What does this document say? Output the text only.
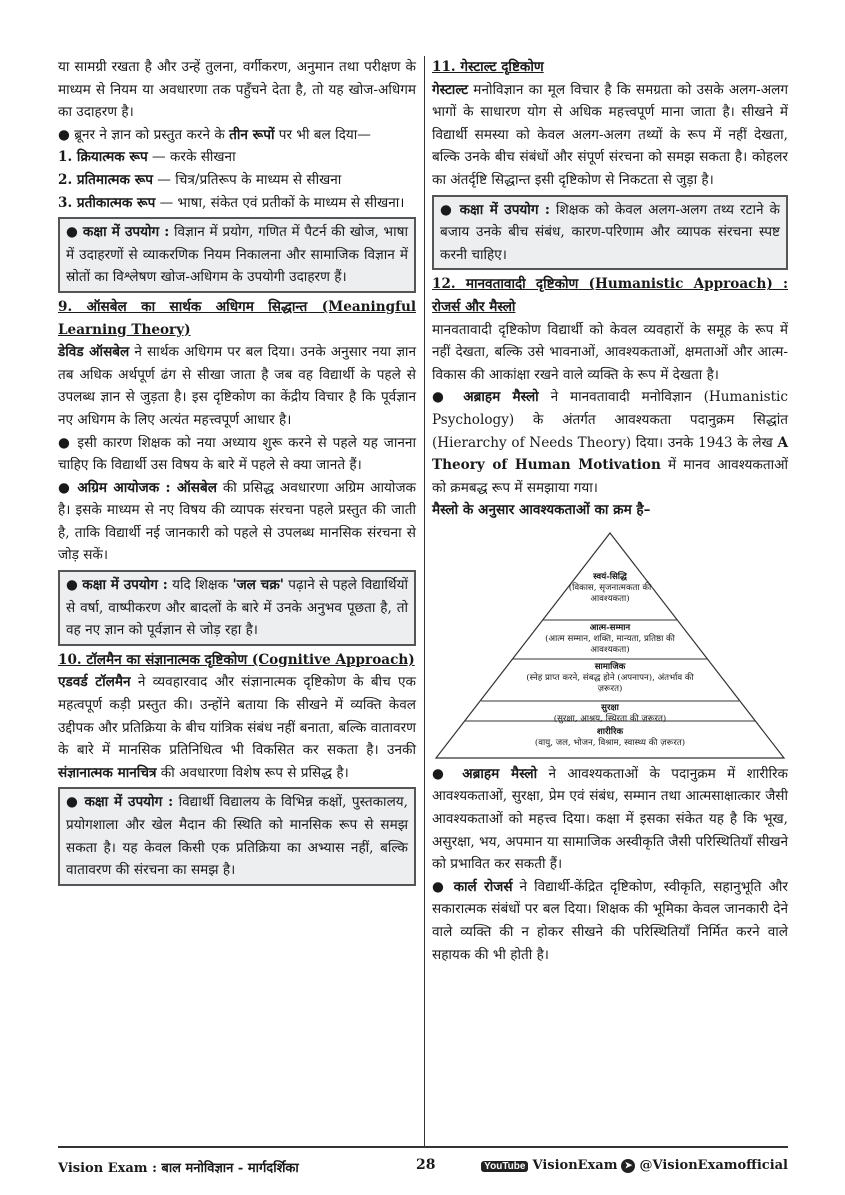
या सामग्री रखता है और उन्हें तुलना, वर्गीकरण, अनुमान तथा परीक्षण के माध्यम से नियम या अवधारणा तक पहुँचने देता है, तो यह खोज-अधिगम का उदाहरण है।

● ब्रूनर ने ज्ञान को प्रस्तुत करने के तीन रूपों पर भी बल दिया—

1. क्रियात्मक रूप — करके सीखना

2. प्रतिमात्मक रूप — चित्र/प्रतिरूप के माध्यम से सीखना

3. प्रतीकात्मक रूप — भाषा, संकेत एवं प्रतीकों के माध्यम से सीखना।

● कक्षा में उपयोग : विज्ञान में प्रयोग, गणित में पैटर्न की खोज, भाषा में उदाहरणों से व्याकरणिक नियम निकालना और सामाजिक विज्ञान में स्रोतों का विश्लेषण खोज-अधिगम के उपयोगी उदाहरण हैं।

9. ऑसबेल का सार्थक अधिगम सिद्धान्त (Meaningful Learning Theory)

डेविड ऑसबेल ने सार्थक अधिगम पर बल दिया। उनके अनुसार नया ज्ञान तब अधिक अर्थपूर्ण ढंग से सीखा जाता है जब वह विद्यार्थी के पहले से उपलब्ध ज्ञान से जुड़ता है। इस दृष्टिकोण का केंद्रीय विचार है कि पूर्वज्ञान नए अधिगम के लिए अत्यंत महत्त्वपूर्ण आधार है।

● इसी कारण शिक्षक को नया अध्याय शुरू करने से पहले यह जानना चाहिए कि विद्यार्थी उस विषय के बारे में पहले से क्या जानते हैं।

● अग्रिम आयोजक : ऑसबेल की प्रसिद्ध अवधारणा अग्रिम आयोजक है। इसके माध्यम से नए विषय की व्यापक संरचना पहले प्रस्तुत की जाती है, ताकि विद्यार्थी नई जानकारी को पहले से उपलब्ध मानसिक संरचना से जोड़ सकें।

● कक्षा में उपयोग : यदि शिक्षक 'जल चक्र' पढ़ाने से पहले विद्यार्थियों से वर्षा, वाष्पीकरण और बादलों के बारे में उनके अनुभव पूछता है, तो वह नए ज्ञान को पूर्वज्ञान से जोड़ रहा है।

10. टॉलमैन का संज्ञानात्मक दृष्टिकोण (Cognitive Approach)

एडवर्ड टॉलमैन ने व्यवहारवाद और संज्ञानात्मक दृष्टिकोण के बीच एक महत्वपूर्ण कड़ी प्रस्तुत की। उन्होंने बताया कि सीखने में व्यक्ति केवल उद्दीपक और प्रतिक्रिया के बीच यांत्रिक संबंध नहीं बनाता, बल्कि वातावरण के बारे में मानसिक प्रतिनिधित्व भी विकसित कर सकता है। उनकी संज्ञानात्मक मानचित्र की अवधारणा विशेष रूप से प्रसिद्ध है।

● कक्षा में उपयोग : विद्यार्थी विद्यालय के विभिन्न कक्षों, पुस्तकालय, प्रयोगशाला और खेल मैदान की स्थिति को मानसिक रूप से समझ सकता है। यह केवल किसी एक प्रतिक्रिया का अभ्यास नहीं, बल्कि वातावरण की संरचना का समझ है।

11. गेस्टाल्ट दृष्टिकोण

गेस्टाल्ट मनोविज्ञान का मूल विचार है कि समग्रता को उसके अलग-अलग भागों के साधारण योग से अधिक महत्त्वपूर्ण माना जाता है। सीखने में विद्यार्थी समस्या को केवल अलग-अलग तथ्यों के रूप में नहीं देखता, बल्कि उनके बीच संबंधों और संपूर्ण संरचना को समझ सकता है। कोहलर का अंतर्दृष्टि सिद्धान्त इसी दृष्टिकोण से निकटता से जुड़ा है।

● कक्षा में उपयोग : शिक्षक को केवल अलग-अलग तथ्य रटाने के बजाय उनके बीच संबंध, कारण-परिणाम और व्यापक संरचना स्पष्ट करनी चाहिए।

12. मानवतावादी दृष्टिकोण (Humanistic Approach) : रोजर्स और मैस्लो

मानवतावादी दृष्टिकोण विद्यार्थी को केवल व्यवहारों के समूह के रूप में नहीं देखता, बल्कि उसे भावनाओं, आवश्यकताओं, क्षमताओं और आत्म-विकास की आकांक्षा रखने वाले व्यक्ति के रूप में देखता है।

● अब्राहम मैस्लो ने मानवतावादी मनोविज्ञान (Humanistic Psychology) के अंतर्गत आवश्यकता पदानुक्रम सिद्धांत (Hierarchy of Needs Theory) दिया। उनके 1943 के लेख A Theory of Human Motivation में मानव आवश्यकताओं को क्रमबद्ध रूप में समझाया गया।

मैस्लो के अनुसार आवश्यकताओं का क्रम है–

स्वयं-सिद्धि
(विकास, सृजनात्मकता की आवश्यकता)
आत्म-सम्मान
(आत्म सम्मान, शक्ति, मान्यता, प्रतिष्ठा की आवश्यकता)
सामाजिक
(स्नेह प्राप्त करने, संबद्ध होने (अपनापन), अंतर्भाव की ज़रूरत)
सुरक्षा
(सुरक्षा, आश्रय, स्थिरता की ज़रूरत)
शारीरिक
(वायु, जल, भोजन, विश्राम, स्वास्थ्य की ज़रूरत)

● अब्राहम मैस्लो ने आवश्यकताओं के पदानुक्रम में शारीरिक आवश्यकताओं, सुरक्षा, प्रेम एवं संबंध, सम्मान तथा आत्मसाक्षात्कार जैसी आवश्यकताओं को महत्त्व दिया। कक्षा में इसका संकेत यह है कि भूख, असुरक्षा, भय, अपमान या सामाजिक अस्वीकृति जैसी परिस्थितियाँ सीखने को प्रभावित कर सकती हैं।

● कार्ल रोजर्स ने विद्यार्थी-केंद्रित दृष्टिकोण, स्वीकृति, सहानुभूति और सकारात्मक संबंधों पर बल दिया। शिक्षक की भूमिका केवल जानकारी देने वाले व्यक्ति की न होकर सीखने की परिस्थितियाँ निर्मित करने वाले सहायक की भी होती है।

Vision Exam : बाल मनोविज्ञान - मार्गदर्शिका	28	YouTube VisionExam ➤ @VisionExamofficial
